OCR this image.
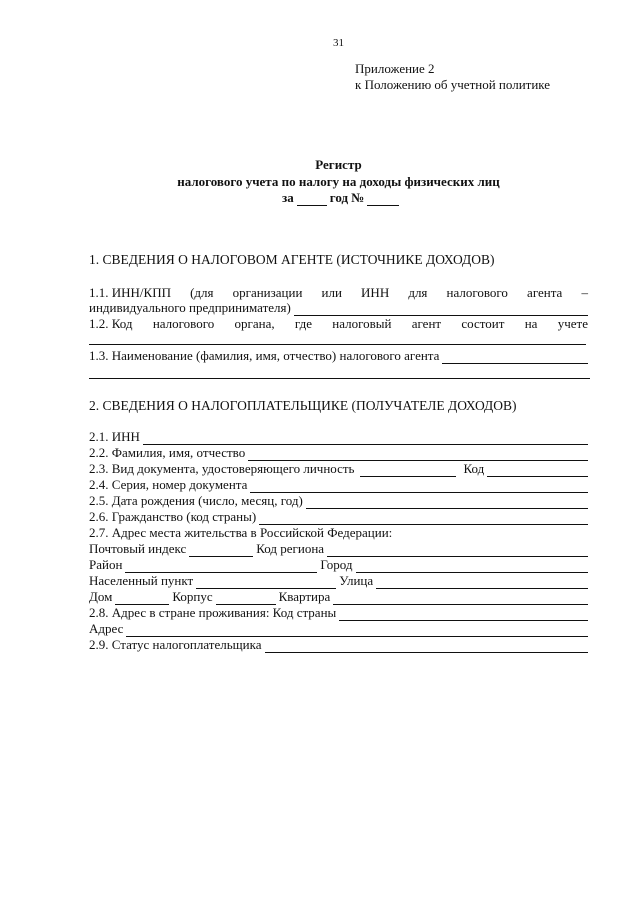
31
Приложение 2
к Положению об учетной политике
Регистр
налогового учета по налогу на доходы физических лиц
за	год №
1. СВЕДЕНИЯ О НАЛОГОВОМ АГЕНТЕ (ИСТОЧНИКЕ ДОХОДОВ)
1.1. ИНН/КПП (для организации или ИНН для налогового агента –
индивидуального предпринимателя)
1.2. Код налогового органа, где налоговый агент состоит на учете
1.3. Наименование (фамилия, имя, отчество) налогового агента
2. СВЕДЕНИЯ О НАЛОГОПЛАТЕЛЬЩИКЕ (ПОЛУЧАТЕЛЕ ДОХОДОВ)
2.1. ИНН
2.2. Фамилия, имя, отчество
2.3. Вид документа, удостоверяющего личность	Код
2.4. Серия, номер документа
2.5. Дата рождения (число, месяц, год)
2.6. Гражданство (код страны)
2.7. Адрес места жительства в Российской Федерации:
Почтовый индекс	Код региона
Район	Город
Населенный пункт	Улица
Дом	Корпус	Квартира
2.8. Адрес в стране проживания: Код страны
Адрес
2.9. Статус налогоплательщика
